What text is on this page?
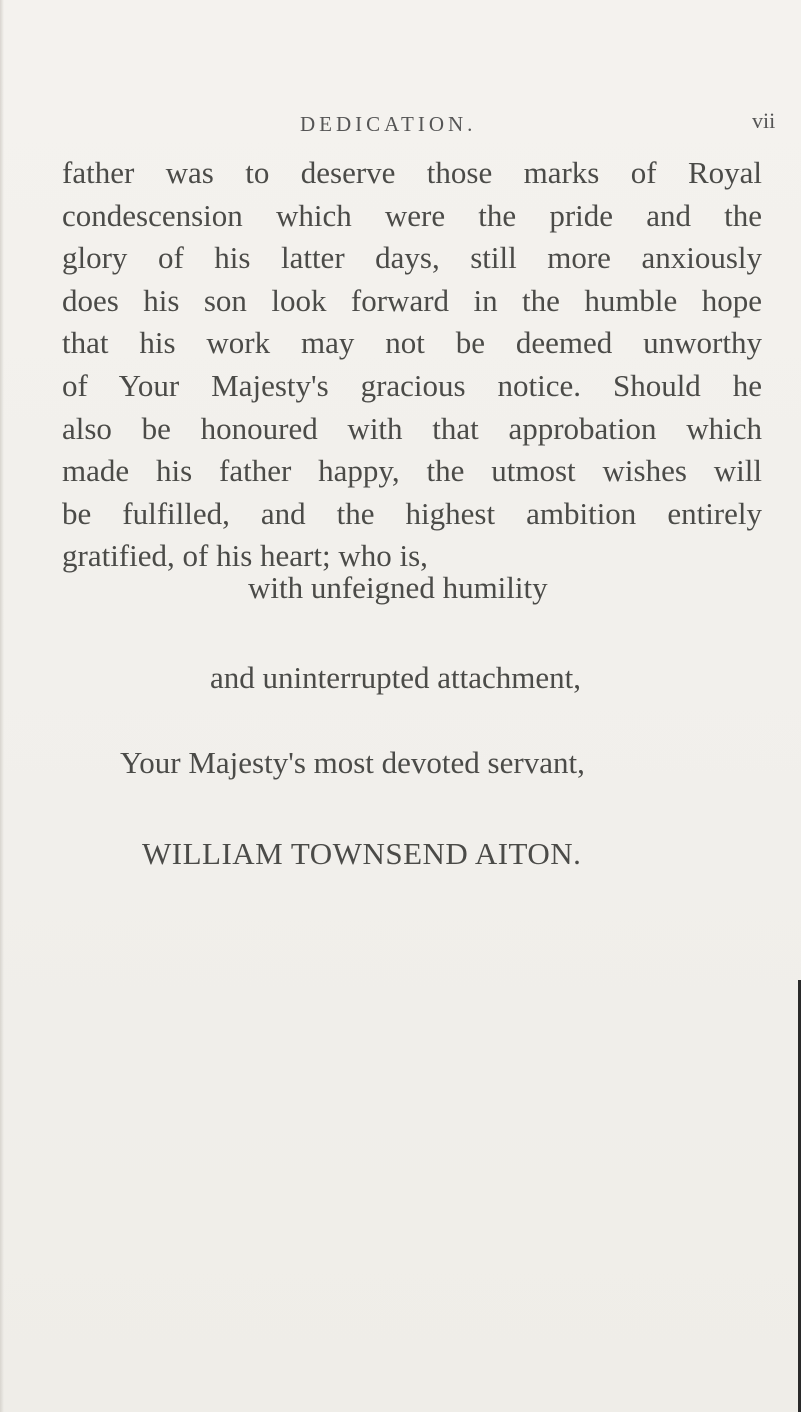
DEDICATION.	vii
father was to deserve those marks of Royal
condescension which were the pride and the
glory of his latter days, still more anxiously
does his son look forward in the humble hope
that his work may not be deemed unworthy
of Your Majesty's gracious notice. Should he
also be honoured with that approbation which
made his father happy, the utmost wishes will
be fulfilled, and the highest ambition entirely
gratified, of his heart; who is,
with unfeigned humility
and uninterrupted attachment,
Your Majesty's most devoted servant,
WILLIAM TOWNSEND AITON.
